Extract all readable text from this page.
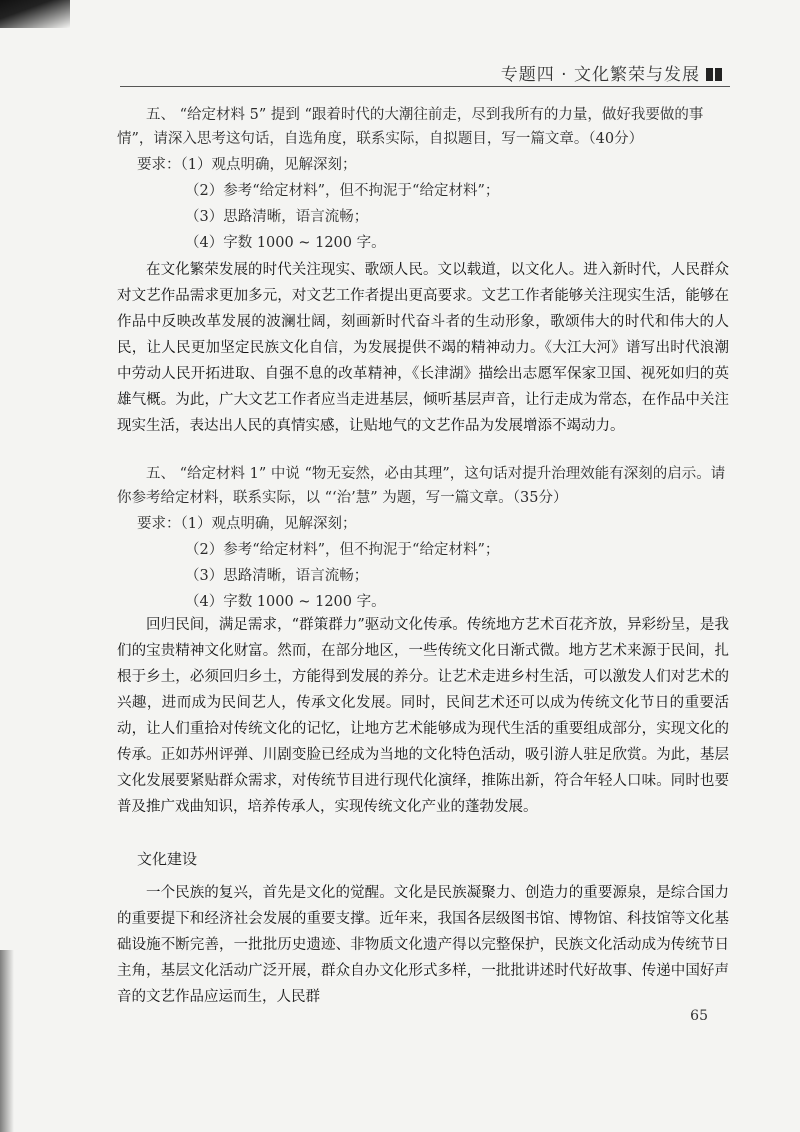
专题四 · 文化繁荣与发展

五、 “给定材料 5” 提到 “跟着时代的大潮往前走，尽到我所有的力量，做好我要做的事情”，请深入思考这句话，自选角度，联系实际，自拟题目，写一篇文章。（40分）

要求：（1）观点明确，见解深刻；

（2）参考“给定材料”，但不拘泥于“给定材料”；

（3）思路清晰，语言流畅；

（4）字数 1000 ~ 1200 字。

在文化繁荣发展的时代关注现实、歌颂人民。文以载道，以文化人。进入新时代，人民群众对文艺作品需求更加多元，对文艺工作者提出更高要求。文艺工作者能够关注现实生活，能够在作品中反映改革发展的波澜壮阔，刻画新时代奋斗者的生动形象，歌颂伟大的时代和伟大的人民，让人民更加坚定民族文化自信，为发展提供不竭的精神动力。《大江大河》谱写出时代浪潮中劳动人民开拓进取、自强不息的改革精神，《长津湖》描绘出志愿军保家卫国、视死如归的英雄气概。为此，广大文艺工作者应当走进基层，倾听基层声音，让行走成为常态，在作品中关注现实生活，表达出人民的真情实感，让贴地气的文艺作品为发展增添不竭动力。

五、 “给定材料 1” 中说 “物无妄然，必由其理”，这句话对提升治理效能有深刻的启示。请你参考给定材料，联系实际，以 “‘治’慧” 为题，写一篇文章。（35分）

要求：（1）观点明确，见解深刻；

（2）参考“给定材料”，但不拘泥于“给定材料”；

（3）思路清晰，语言流畅；

（4）字数 1000 ~ 1200 字。

回归民间，满足需求，“群策群力”驱动文化传承。传统地方艺术百花齐放，异彩纷呈，是我们的宝贵精神文化财富。然而，在部分地区，一些传统文化日渐式微。地方艺术来源于民间，扎根于乡土，必须回归乡土，方能得到发展的养分。让艺术走进乡村生活，可以激发人们对艺术的兴趣，进而成为民间艺人，传承文化发展。同时，民间艺术还可以成为传统文化节日的重要活动，让人们重拾对传统文化的记忆，让地方艺术能够成为现代生活的重要组成部分，实现文化的传承。正如苏州评弹、川剧变脸已经成为当地的文化特色活动，吸引游人驻足欣赏。为此，基层文化发展要紧贴群众需求，对传统节目进行现代化演绎，推陈出新，符合年轻人口味。同时也要普及推广戏曲知识，培养传承人，实现传统文化产业的蓬勃发展。

文化建设

一个民族的复兴，首先是文化的觉醒。文化是民族凝聚力、创造力的重要源泉，是综合国力的重要提下和经济社会发展的重要支撑。近年来，我国各层级图书馆、博物馆、科技馆等文化基础设施不断完善，一批批历史遗迹、非物质文化遗产得以完整保护，民族文化活动成为传统节日主角，基层文化活动广泛开展，群众自办文化形式多样，一批批讲述时代好故事、传递中国好声音的文艺作品应运而生，人民群

65
